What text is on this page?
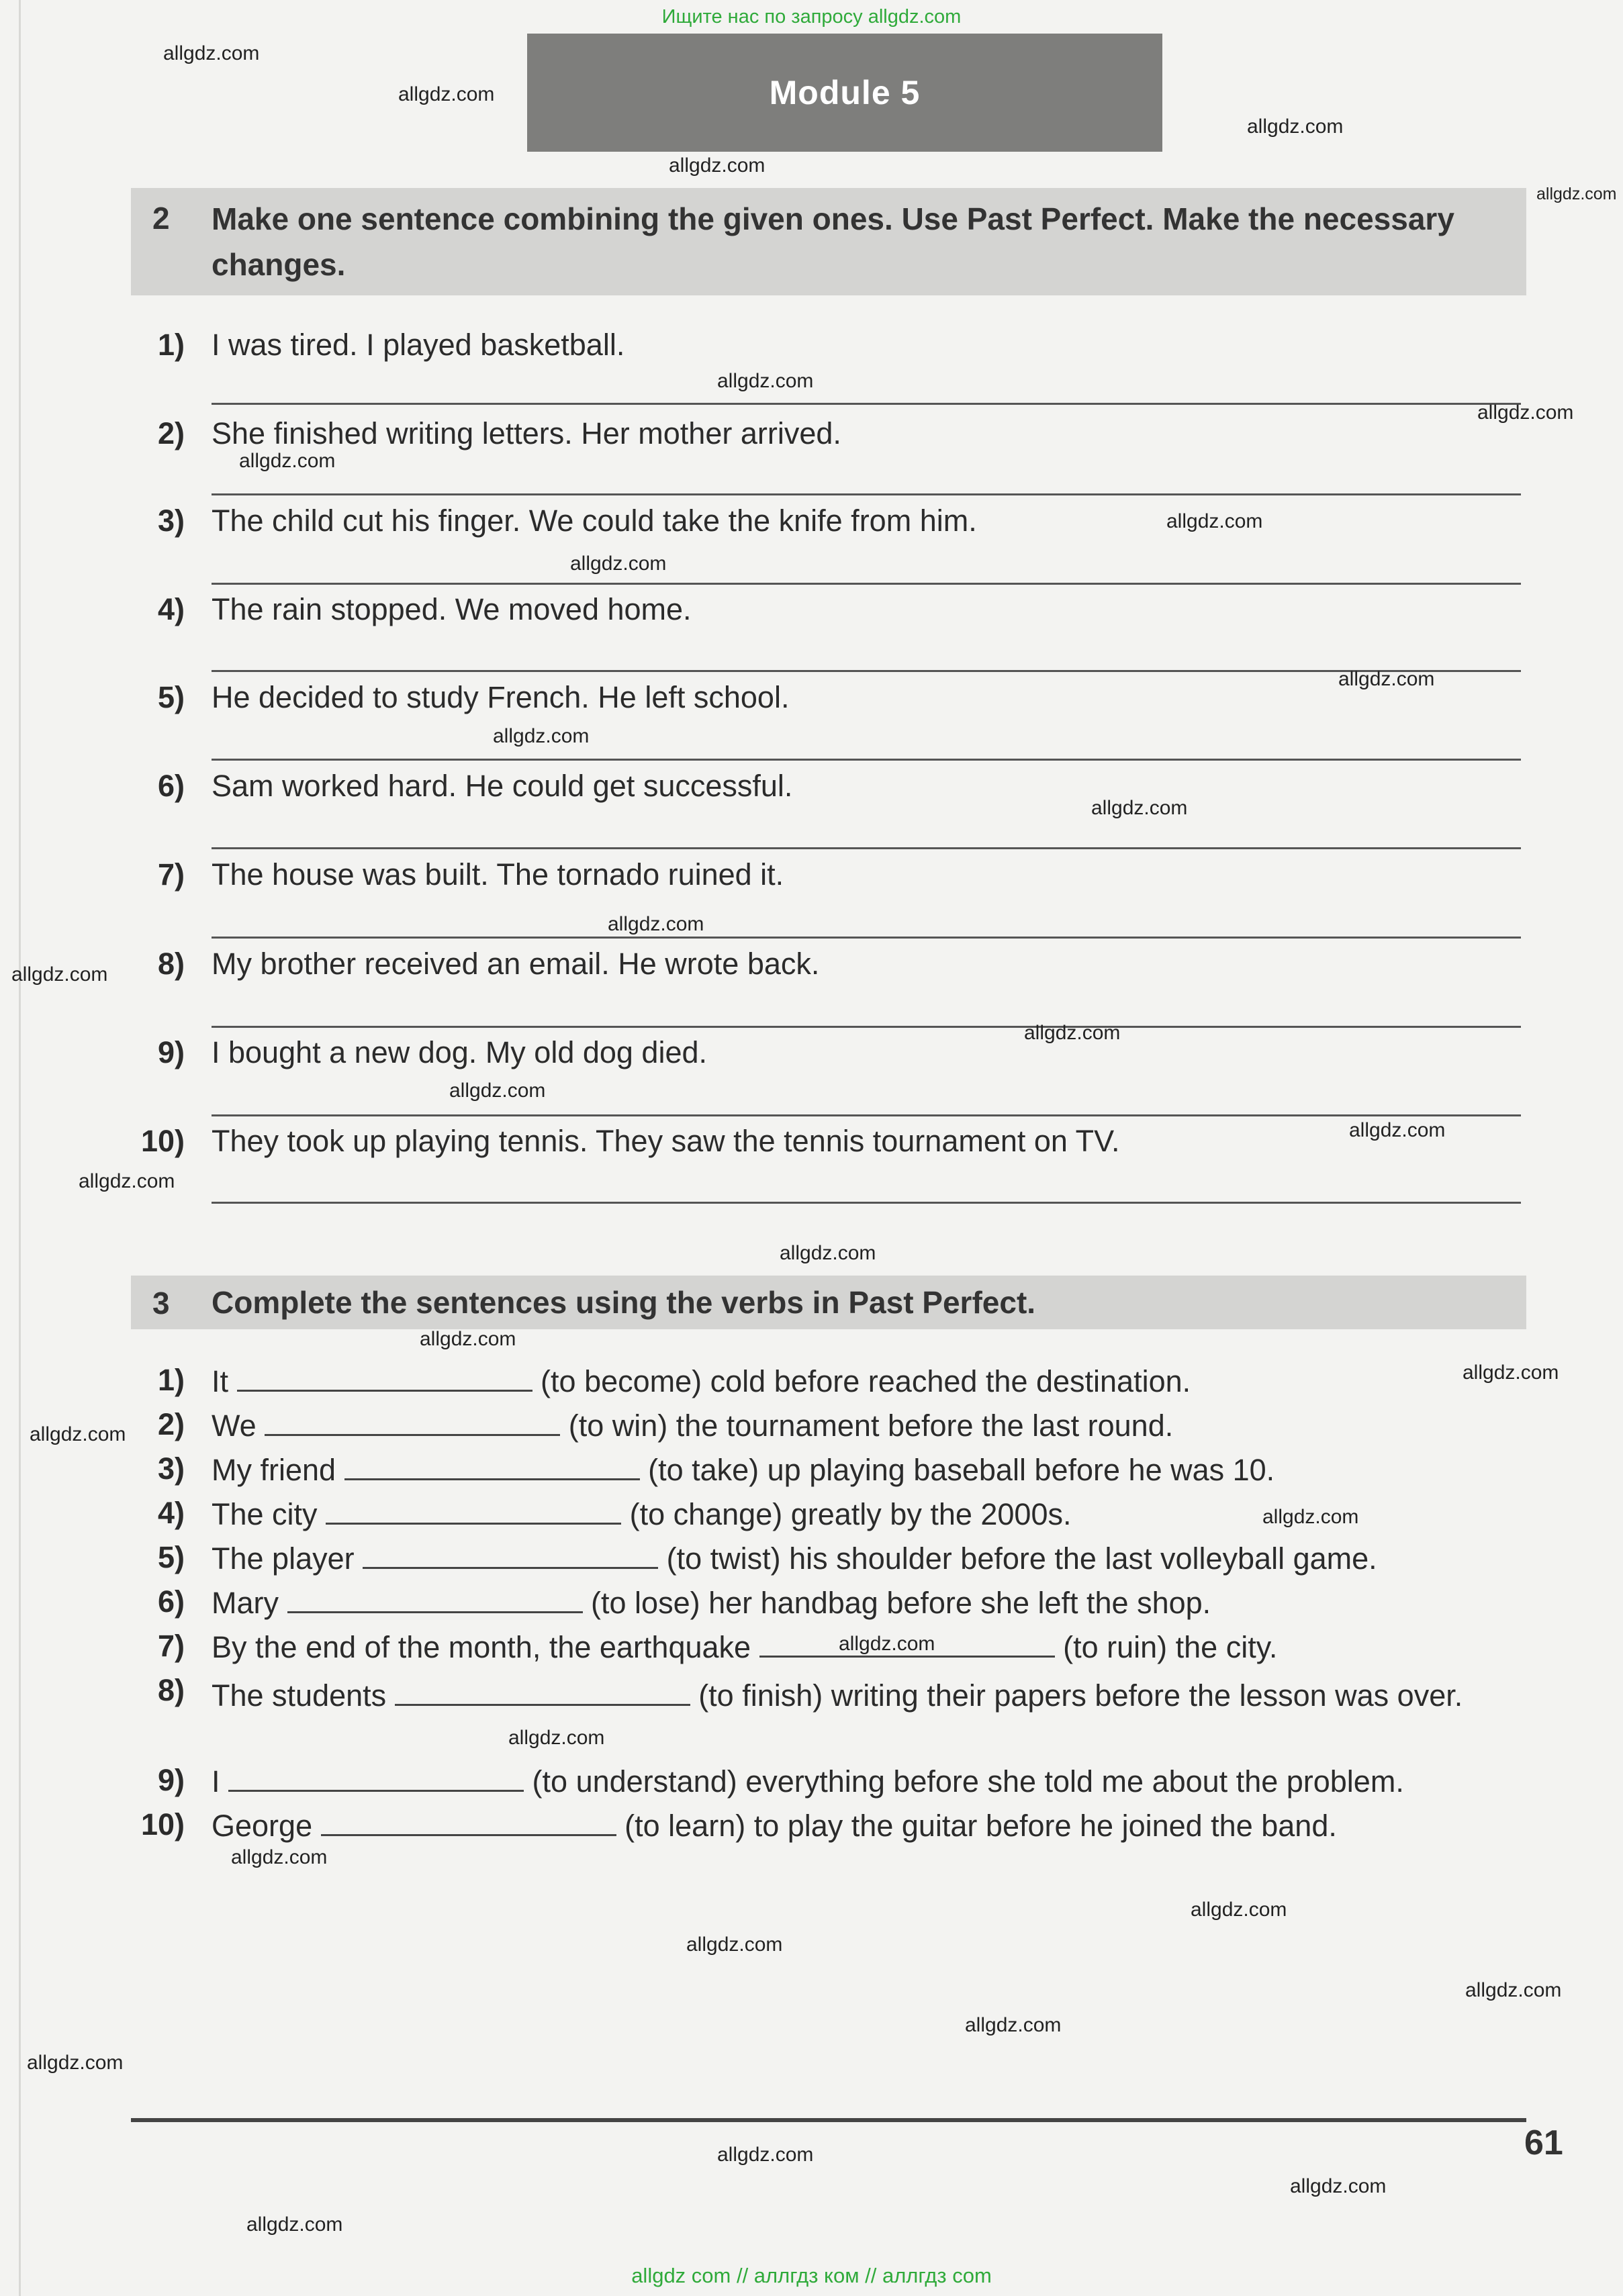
Ищите нас по запросу allgdz.com
Module 5
2 Make one sentence combining the given ones. Use Past Perfect. Make the necessary changes.
1) I was tired. I played basketball.
2) She finished writing letters. Her mother arrived.
3) The child cut his finger. We could take the knife from him.
4) The rain stopped. We moved home.
5) He decided to study French. He left school.
6) Sam worked hard. He could get successful.
7) The house was built. The tornado ruined it.
8) My brother received an email. He wrote back.
9) I bought a new dog. My old dog died.
10) They took up playing tennis. They saw the tennis tournament on TV.
3 Complete the sentences using the verbs in Past Perfect.
1) It	(to become) cold before reached the destination.
2) We	(to win) the tournament before the last round.
3) My friend	(to take) up playing baseball before he was 10.
4) The city	(to change) greatly by the 2000s.
5) The player	(to twist) his shoulder before the last volleyball game.
6) Mary	(to lose) her handbag before she left the shop.
7) By the end of the month, the earthquake	(to ruin) the city.
8) The students	(to finish) writing their papers before the lesson was over.
9) I	(to understand) everything before she told me about the problem.
10) George	(to learn) to play the guitar before he joined the band.
61
allgdz.com
allgdz.com
allgdz.com
allgdz.com
allgdz.com
allgdz.com
allgdz.com
allgdz.com
allgdz.com
allgdz.com
allgdz.com
allgdz.com
allgdz.com
allgdz.com
allgdz.com
allgdz.com
allgdz.com
allgdz.com
allgdz.com
allgdz.com
allgdz.com
allgdz.com
allgdz.com
allgdz.com
allgdz.com
allgdz.com
allgdz.com
allgdz.com
allgdz.com
allgdz.com
allgdz.com
allgdz.com
allgdz.com
allgdz.com
allgdz.com
allgdz com // аллгдз ком // аллгдз com
